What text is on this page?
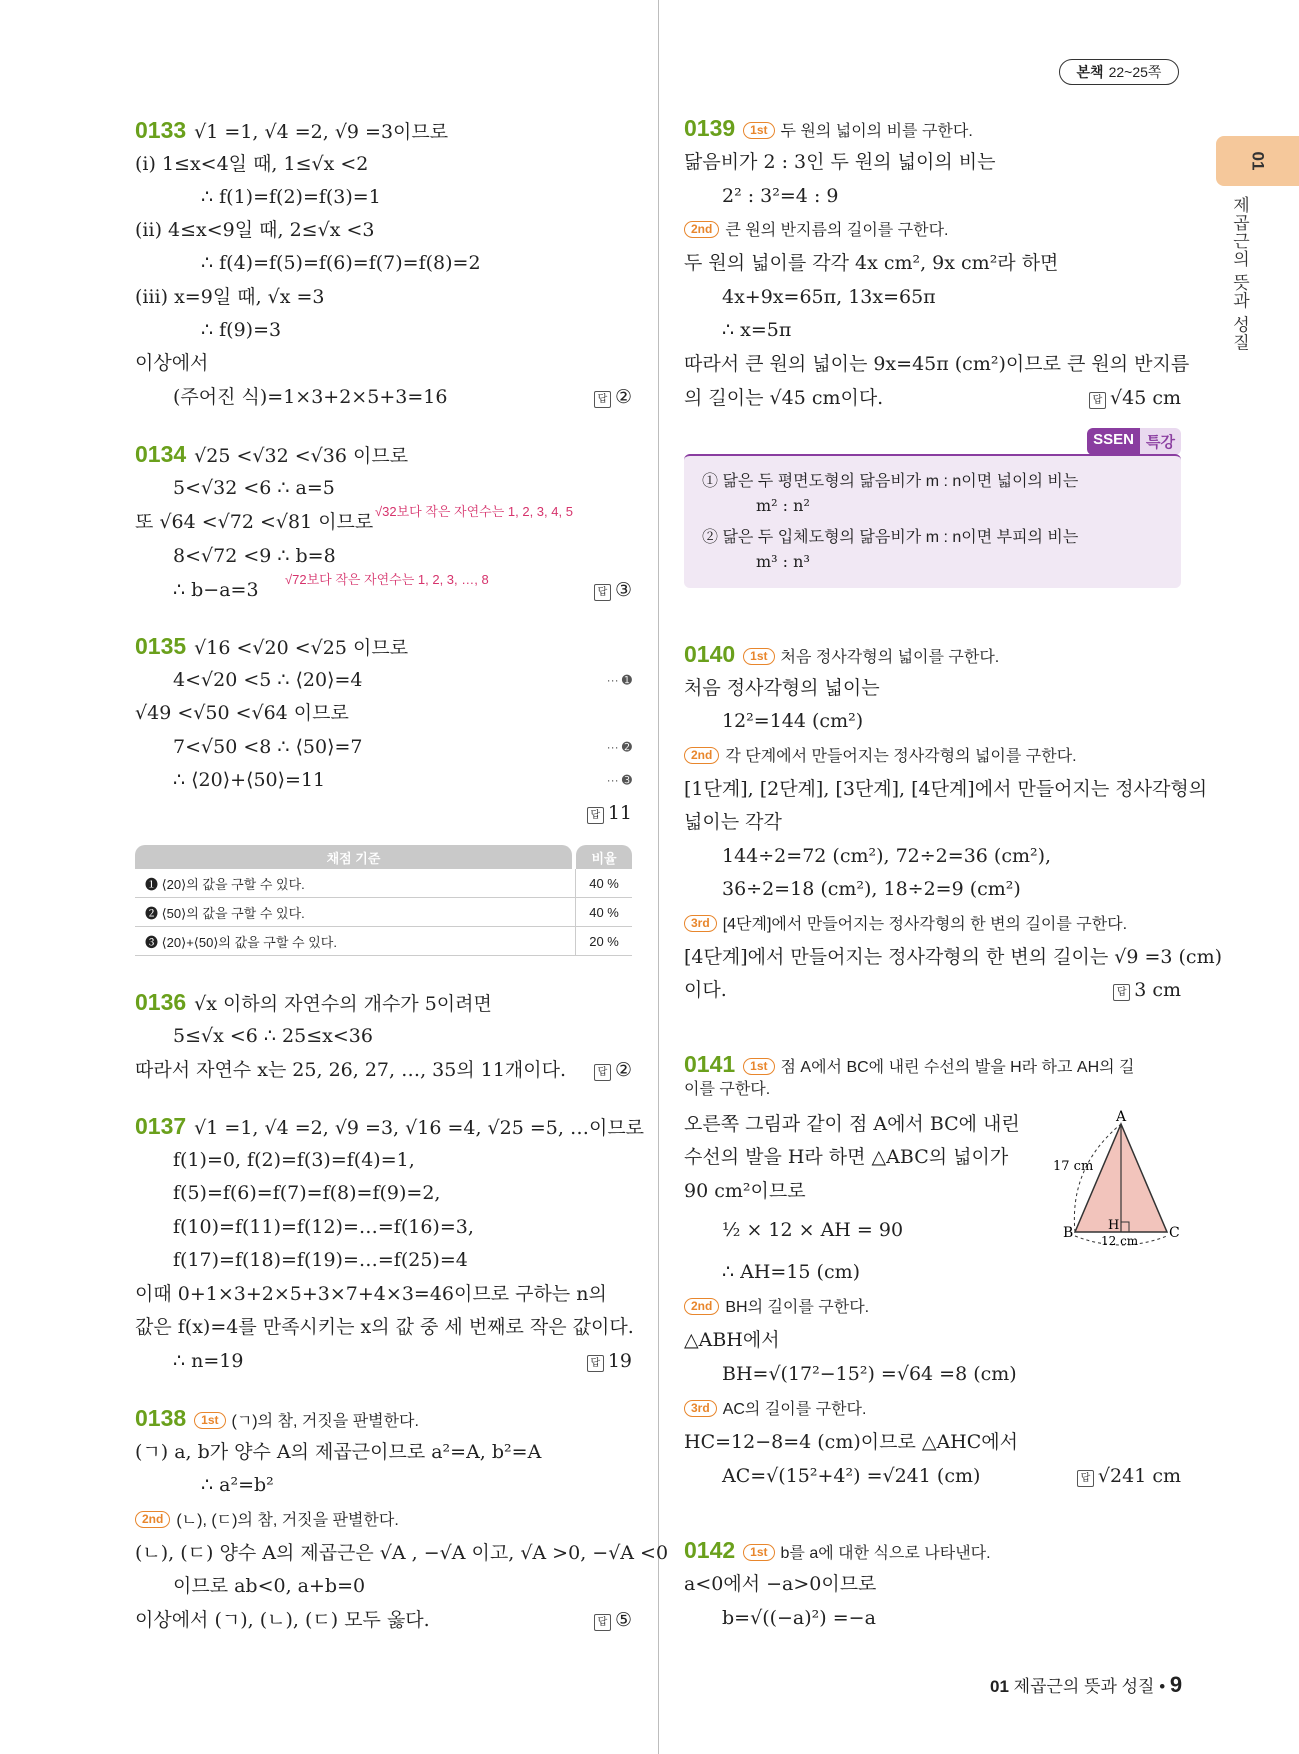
본책 22~25쪽
01
제곱근의 뜻과 성질
0133 √1 =1, √4 =2, √9 =3이므로
(ⅰ) 1≤x<4일 때, 1≤√x <2
∴ f(1)=f(2)=f(3)=1
(ⅱ) 4≤x<9일 때, 2≤√x <3
∴ f(4)=f(5)=f(6)=f(7)=f(8)=2
(ⅲ) x=9일 때, √x =3
∴ f(9)=3
이상에서
(주어진 식)=1×3+2×5+3=16	답 ②
0134 √25 <√32 <√36 이므로
5<√32 <6 ∴ a=5
√32보다 작은 자연수는 1, 2, 3, 4, 5
또 √64 <√72 <√81 이므로
8<√72 <9 ∴ b=8
√72보다 작은 자연수는 1, 2, 3, …, 8
∴ b−a=3	답 ③
0135 √16 <√20 <√25 이므로
4<√20 <5 ∴ ⟨20⟩=4	··· ➊
√49 <√50 <√64 이므로
7<√50 <8 ∴ ⟨50⟩=7	··· ➋
∴ ⟨20⟩+⟨50⟩=11	··· ➌
답 11
채점 기준	비율
➊ ⟨20⟩의 값을 구할 수 있다.	40 %
➋ ⟨50⟩의 값을 구할 수 있다.	40 %
➌ ⟨20⟩+⟨50⟩의 값을 구할 수 있다.	20 %
0136 √x 이하의 자연수의 개수가 5이려면
5≤√x <6 ∴ 25≤x<36
따라서 자연수 x는 25, 26, 27, …, 35의 11개이다.	답 ②
0137 √1 =1, √4 =2, √9 =3, √16 =4, √25 =5, …이므로
f(1)=0, f(2)=f(3)=f(4)=1,
f(5)=f(6)=f(7)=f(8)=f(9)=2,
f(10)=f(11)=f(12)=…=f(16)=3,
f(17)=f(18)=f(19)=…=f(25)=4
이때 0+1×3+2×5+3×7+4×3=46이므로 구하는 n의
값은 f(x)=4를 만족시키는 x의 값 중 세 번째로 작은 값이다.
∴ n=19	답 19
0138 1st (ㄱ)의 참, 거짓을 판별한다.
(ㄱ) a, b가 양수 A의 제곱근이므로 a²=A, b²=A
∴ a²=b²
2nd (ㄴ), (ㄷ)의 참, 거짓을 판별한다.
(ㄴ), (ㄷ) 양수 A의 제곱근은 √A , −√A 이고, √A >0, −√A <0
이므로 ab<0, a+b=0
이상에서 (ㄱ), (ㄴ), (ㄷ) 모두 옳다.	답 ⑤
0139 1st 두 원의 넓이의 비를 구한다.
닮음비가 2 : 3인 두 원의 넓이의 비는
2² : 3²=4 : 9
2nd 큰 원의 반지름의 길이를 구한다.
두 원의 넓이를 각각 4x cm², 9x cm²라 하면
4x+9x=65π, 13x=65π
∴ x=5π
따라서 큰 원의 넓이는 9x=45π (cm²)이므로 큰 원의 반지름
의 길이는 √45 cm이다.	답 √45 cm
SSEN 특강
① 닮은 두 평면도형의 닮음비가 m : n이면 넓이의 비는
m² : n²
② 닮은 두 입체도형의 닮음비가 m : n이면 부피의 비는
m³ : n³
0140 1st 처음 정사각형의 넓이를 구한다.
처음 정사각형의 넓이는
12²=144 (cm²)
2nd 각 단계에서 만들어지는 정사각형의 넓이를 구한다.
[1단계], [2단계], [3단계], [4단계]에서 만들어지는 정사각형의
넓이는 각각
144÷2=72 (cm²), 72÷2=36 (cm²),
36÷2=18 (cm²), 18÷2=9 (cm²)
3rd [4단계]에서 만들어지는 정사각형의 한 변의 길이를 구한다.
[4단계]에서 만들어지는 정사각형의 한 변의 길이는 √9 =3 (cm)
이다.	답 3 cm
0141 1st 점 A에서 BC에 내린 수선의 발을 H라 하고 AH의 길
이를 구한다.
오른쪽 그림과 같이 점 A에서 BC에 내린
수선의 발을 H라 하면 △ABC의 넓이가
90 cm²이므로
½ × 12 × AH = 90
∴ AH=15 (cm)
2nd BH의 길이를 구한다.
△ABH에서
BH=√(17²−15²) =√64 =8 (cm)
3rd AC의 길이를 구한다.
HC=12−8=4 (cm)이므로 △AHC에서
AC=√(15²+4²) =√241 (cm)	답 √241 cm
A
B	C
H
17 cm
12 cm
0142 1st b를 a에 대한 식으로 나타낸다.
a<0에서 −a>0이므로
b=√((−a)²) =−a
01 제곱근의 뜻과 성질 • 9
